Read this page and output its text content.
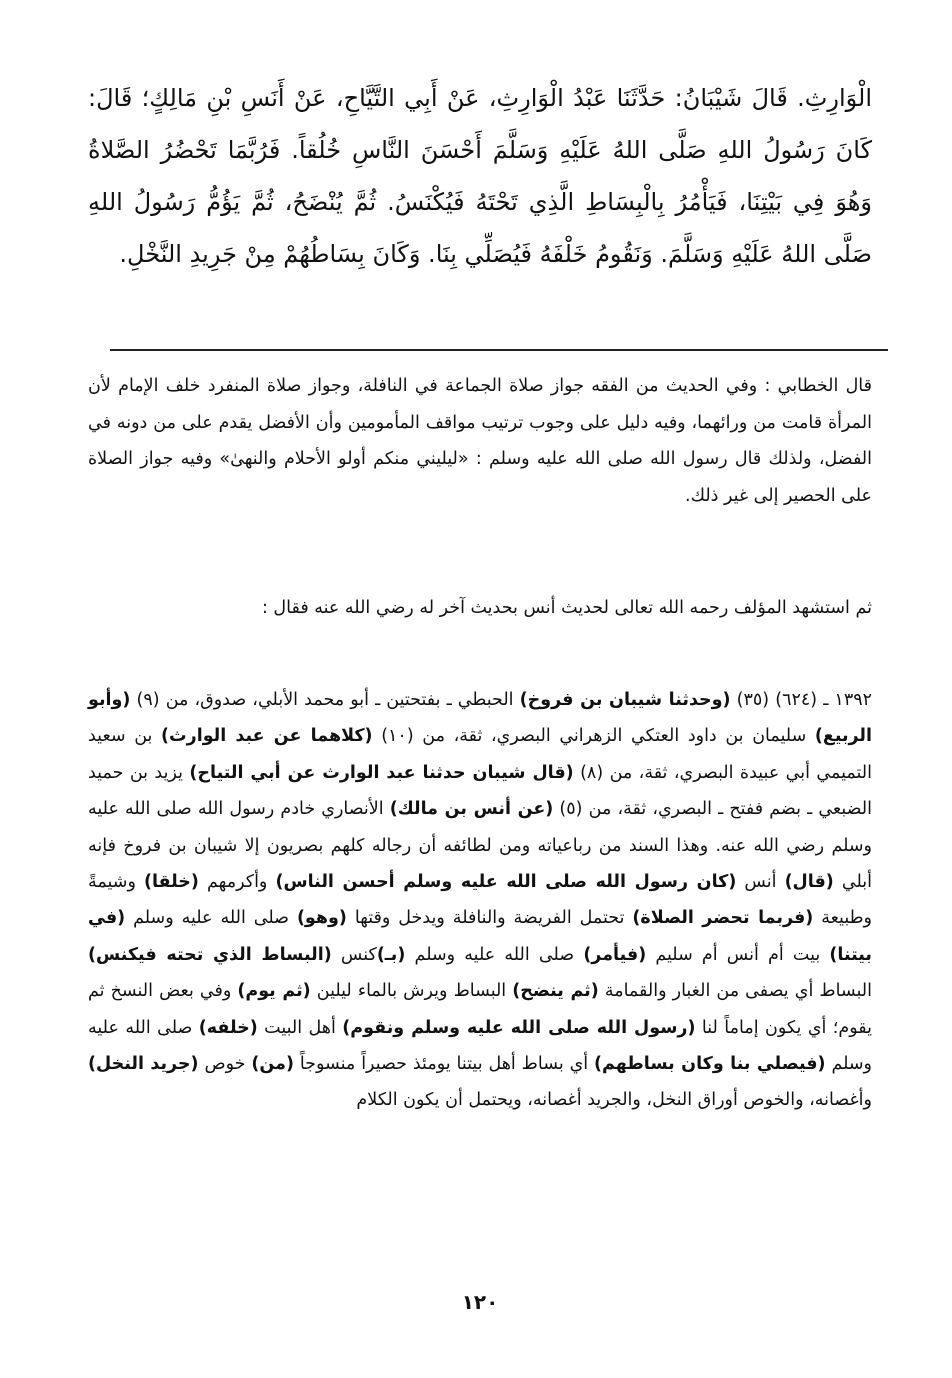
الْوَارِثِ. قَالَ شَيْبَانُ: حَدَّثَنَا عَبْدُ الْوَارِثِ، عَنْ أَبِي التَّيَّاحِ، عَنْ أَنَسِ بْنِ مَالِكٍ؛ قَالَ: كَانَ رَسُولُ اللهِ صَلَّى اللهُ عَلَيْهِ وَسَلَّمَ أَحْسَنَ النَّاسِ خُلُقاً. فَرُبَّمَا تَحْضُرُ الصَّلاةُ وَهُوَ فِي بَيْتِنَا، فَيَأْمُرُ بِالْبِسَاطِ الَّذِي تَحْتَهُ فَيُكْنَسُ. ثُمَّ يُنْضَحُ، ثُمَّ يَؤُمُّ رَسُولُ اللهِ صَلَّى اللهُ عَلَيْهِ وَسَلَّمَ. وَنَقُومُ خَلْفَهُ فَيُصَلِّي بِنَا. وَكَانَ بِسَاطُهُمْ مِنْ جَرِيدِ النَّخْلِ.

قال الخطابي : وفي الحديث من الفقه جواز صلاة الجماعة في النافلة، وجواز صلاة المنفرد خلف الإمام لأن المرأة قامت من ورائهما، وفيه دليل على وجوب ترتيب مواقف المأمومين وأن الأفضل يقدم على من دونه في الفضل، ولذلك قال رسول الله صلى الله عليه وسلم : «ليليني منكم أولو الأحلام والنهىٰ» وفيه جواز الصلاة على الحصير إلى غير ذلك.

ثم استشهد المؤلف رحمه الله تعالى لحديث أنس بحديث آخر له رضي الله عنه فقال :

١٣٩٢ ـ (٦٢٤) (٣٥) (وحدثنا شيبان بن فروخ) الحبطي ـ بفتحتين ـ أبو محمد الأبلي، صدوق، من (٩) (وأبو الربيع) سليمان بن داود العتكي الزهراني البصري، ثقة، من (١٠) (كلاهما عن عبد الوارث) بن سعيد التميمي أبي عبيدة البصري، ثقة، من (٨) (قال شيبان حدثنا عبد الوارث عن أبي التياح) يزيد بن حميد الضبعي ـ بضم ففتح ـ البصري، ثقة، من (٥) (عن أنس بن مالك) الأنصاري خادم رسول الله صلى الله عليه وسلم رضي الله عنه. وهذا السند من رباعياته ومن لطائفه أن رجاله كلهم بصريون إلا شيبان بن فروخ فإنه أبلي (قال) أنس (كان رسول الله صلى الله عليه وسلم أحسن الناس) وأكرمهم (خلقا) وشيمةً وطبيعة (فربما تحضر الصلاة) تحتمل الفريضة والنافلة ويدخل وقتها (وهو) صلى الله عليه وسلم (في بيتنا) بيت أم أنس أم سليم (فيأمر) صلى الله عليه وسلم (بـ)كنس (البساط الذي تحته فيكنس) البساط أي يصفى من الغبار والقمامة (ثم ينضح) البساط ويرش بالماء ليلين (ثم يوم) وفي بعض النسخ ثم يقوم؛ أي يكون إماماً لنا (رسول الله صلى الله عليه وسلم ونقوم) أهل البيت (خلفه) صلى الله عليه وسلم (فيصلي بنا وكان بساطهم) أي بساط أهل بيتنا يومئذ حصيراً منسوجاً (من) خوص (جريد النخل) وأغصانه، والخوص أوراق النخل، والجريد أغصانه، ويحتمل أن يكون الكلام

١٢٠
